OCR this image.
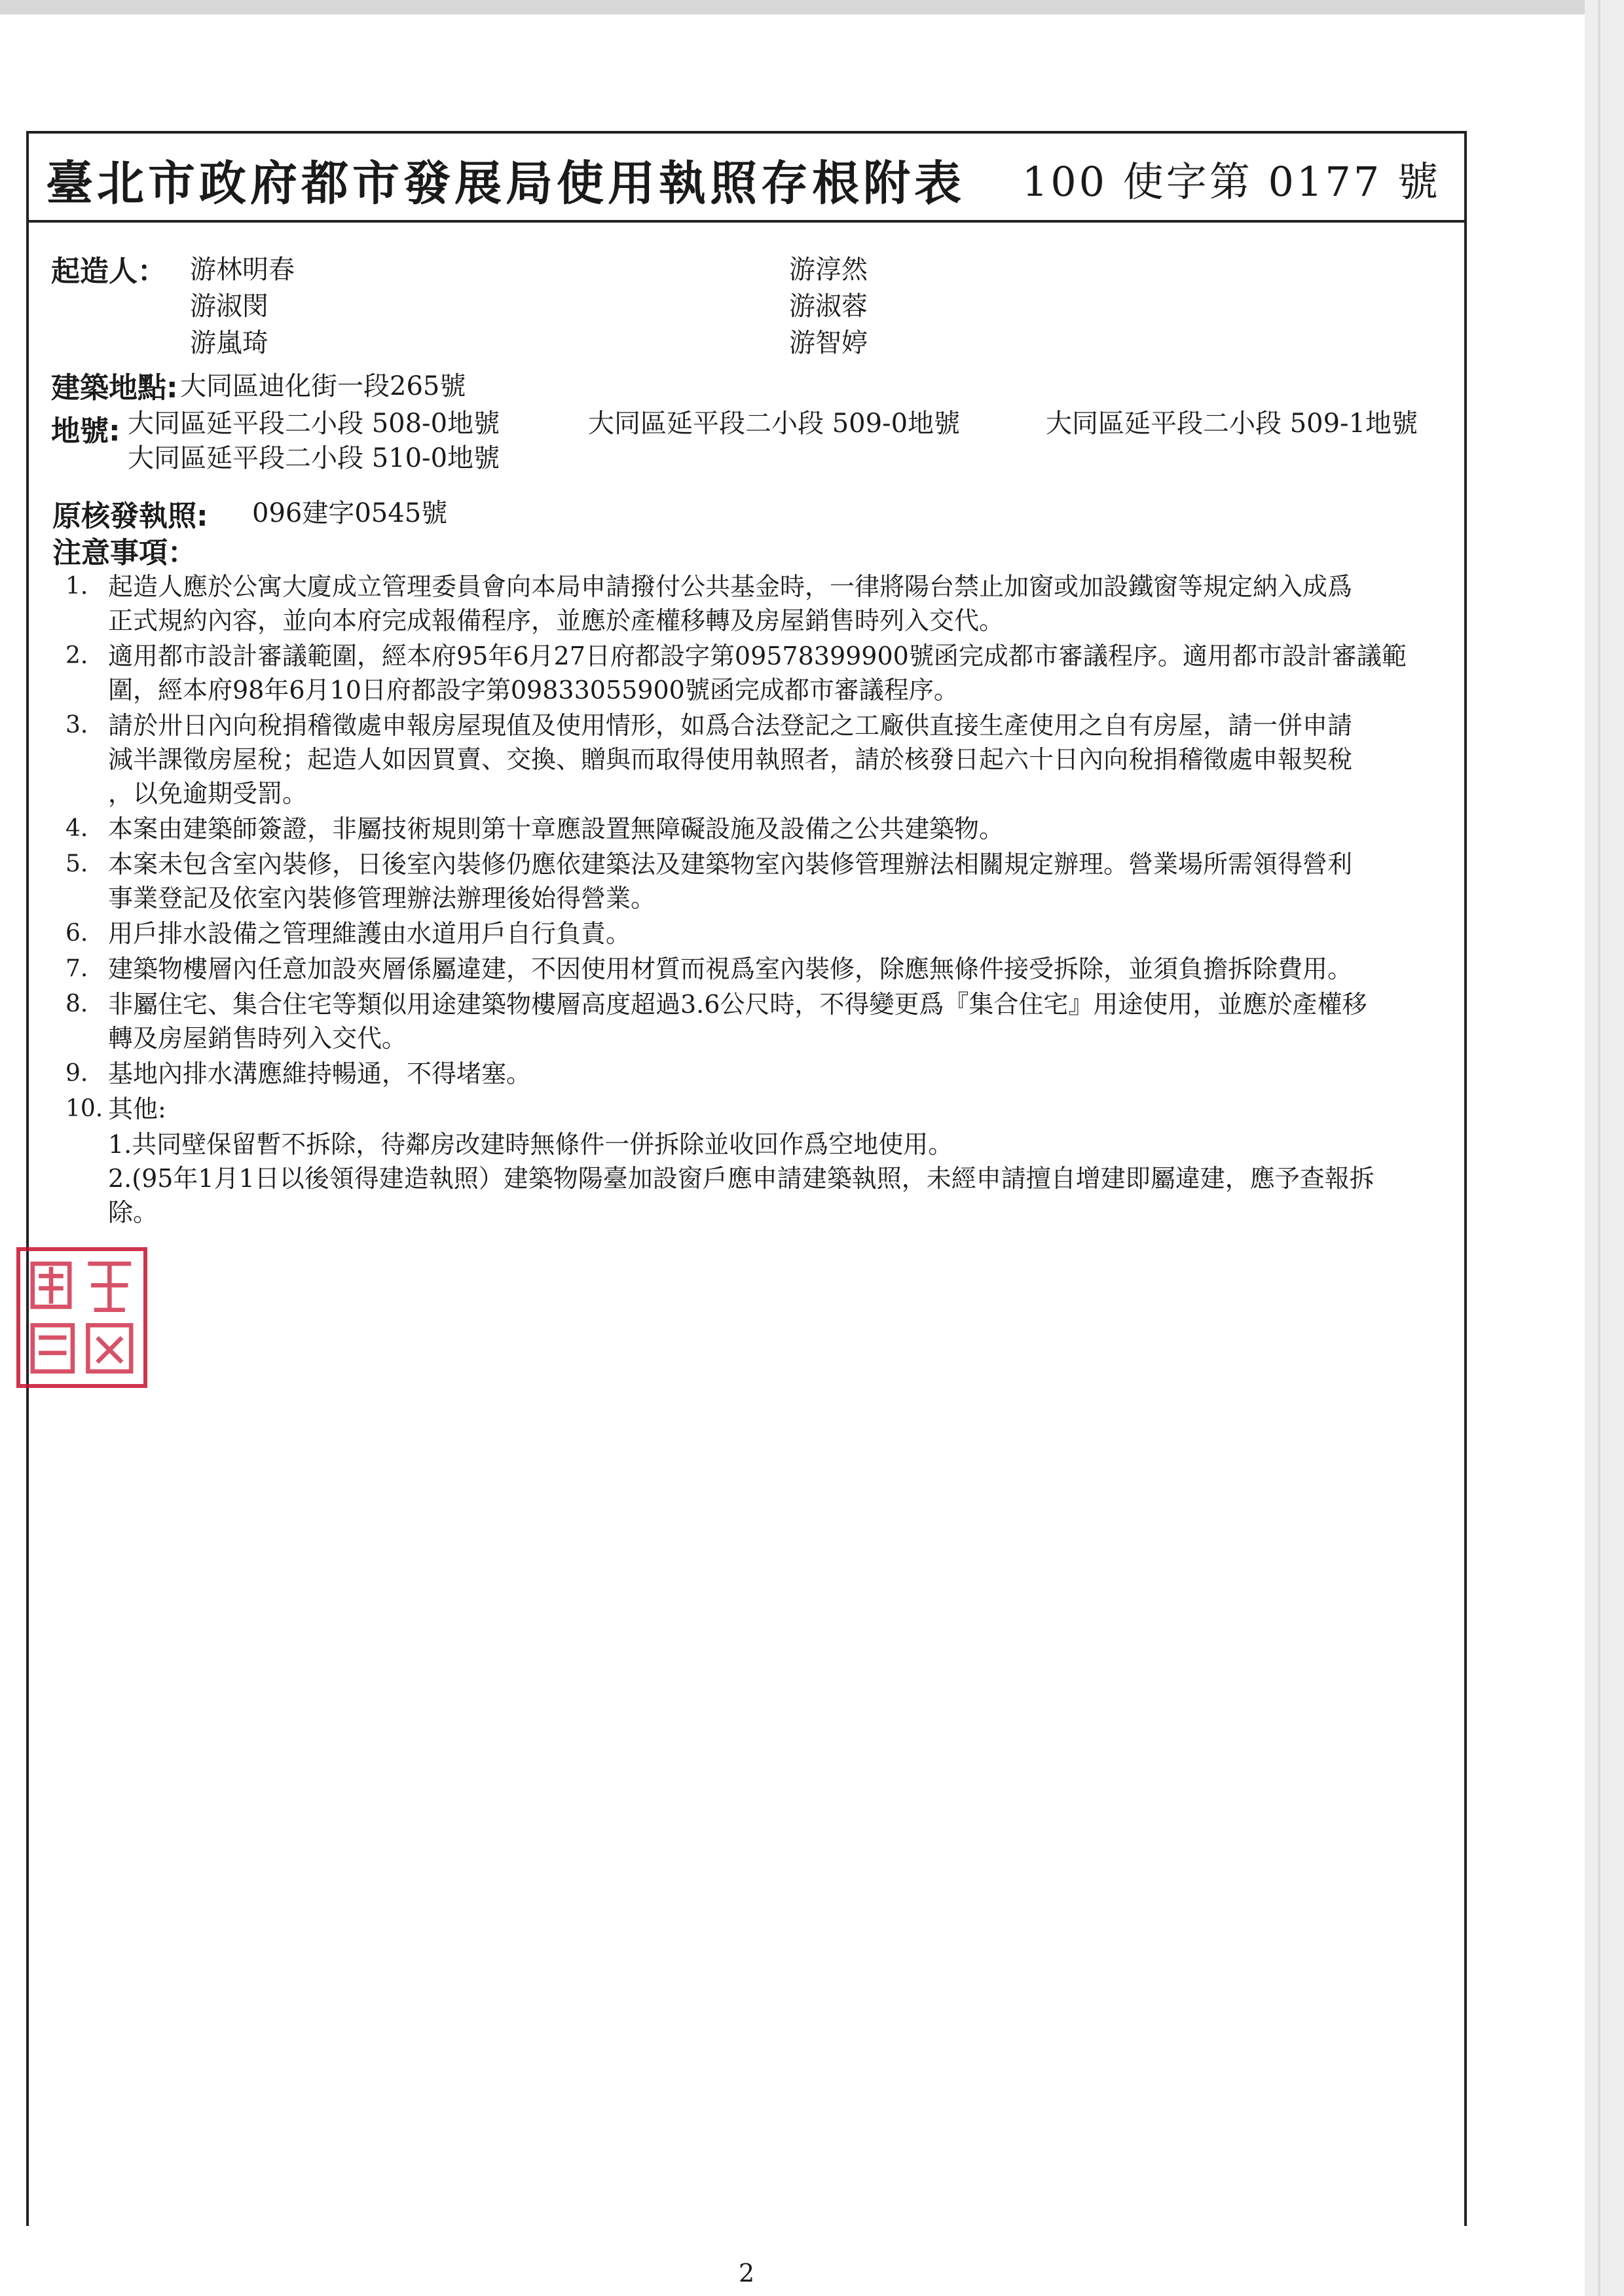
臺北市政府都市發展局使用執照存根附表 100 使字第 0177 號
起造人： 游林明春	游淳然
游淑閔	游淑蓉
游嵐琦	游智婷
建築地點: 大同區迪化街一段265號
地號: 大同區延平段二小段 508-0地號	大同區延平段二小段 509-0地號	大同區延平段二小段 509-1地號
大同區延平段二小段 510-0地號
原核發執照: 096建字0545號
注意事項：
1. 起造人應於公寓大廈成立管理委員會向本局申請撥付公共基金時，一律將陽台禁止加窗或加設鐵窗等規定納入成爲
正式規約內容，並向本府完成報備程序，並應於產權移轉及房屋銷售時列入交代。
2. 適用都市設計審議範圍，經本府95年6月27日府都設字第09578399900號函完成都市審議程序。適用都市設計審議範
圍，經本府98年6月10日府都設字第09833055900號函完成都市審議程序。
3. 請於卅日內向稅捐稽徵處申報房屋現值及使用情形，如爲合法登記之工廠供直接生產使用之自有房屋，請一併申請
減半課徵房屋稅；起造人如因買賣、交換、贈與而取得使用執照者，請於核發日起六十日內向稅捐稽徵處申報契稅
，以免逾期受罰。
4. 本案由建築師簽證，非屬技術規則第十章應設置無障礙設施及設備之公共建築物。
5. 本案未包含室內裝修，日後室內裝修仍應依建築法及建築物室內裝修管理辦法相關規定辦理。營業場所需領得營利
事業登記及依室內裝修管理辦法辦理後始得營業。
6. 用戶排水設備之管理維護由水道用戶自行負責。
7. 建築物樓層內任意加設夾層係屬違建，不因使用材質而視爲室內裝修，除應無條件接受拆除，並須負擔拆除費用。
8. 非屬住宅、集合住宅等類似用途建築物樓層高度超過3.6公尺時，不得變更爲『集合住宅』用途使用，並應於產權移
轉及房屋銷售時列入交代。
9. 基地內排水溝應維持暢通，不得堵塞。
10. 其他:
1.共同壁保留暫不拆除，待鄰房改建時無條件一併拆除並收回作爲空地使用。
2.(95年1月1日以後領得建造執照）建築物陽臺加設窗戶應申請建築執照，未經申請擅自增建即屬違建，應予查報拆
除。
2
